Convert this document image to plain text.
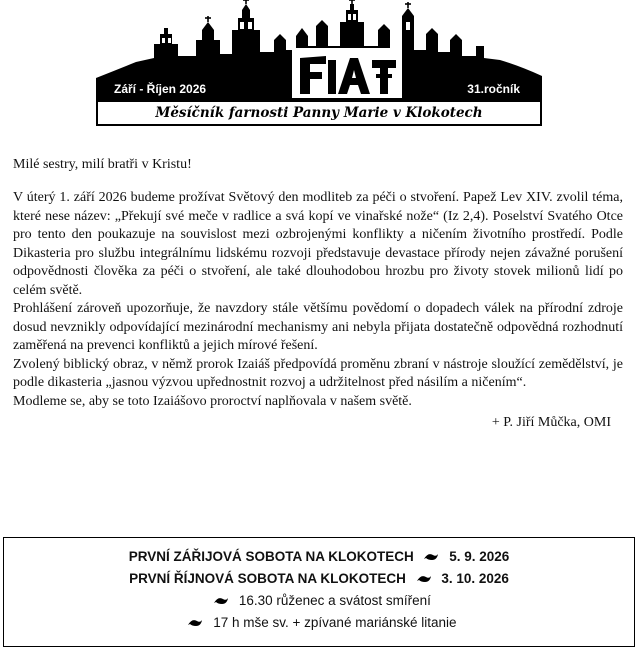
Září - Říjen 2026	31.ročník
FIAT
Měsíčník farnosti Panny Marie v Klokotech

Milé sestry, milí bratři v Kristu!

V úterý 1. září 2026 budeme prožívat Světový den modliteb za péči o stvoření. Papež Lev XIV. zvolil téma, které nese název: „Překují své meče v radlice a svá kopí ve vinařské nože“ (Iz 2,4). Poselství Svatého Otce pro tento den poukazuje na souvislost mezi ozbrojenými konflikty a ničením životního prostředí. Podle Dikasteria pro službu integrálnímu lidskému rozvoji představuje devastace přírody nejen závažné porušení odpovědnosti člověka za péči o stvoření, ale také dlouhodobou hrozbu pro životy stovek milionů lidí po celém světě.

Prohlášení zároveň upozorňuje, že navzdory stále většímu povědomí o dopadech válek na přírodní zdroje dosud nevznikly odpovídající mezinárodní mechanismy ani nebyla přijata dostatečně odpovědná rozhodnutí zaměřená na prevenci konfliktů a jejich mírové řešení.

Zvolený biblický obraz, v němž prorok Izaiáš předpovídá proměnu zbraní v nástroje sloužící zemědělství, je podle dikasteria „jasnou výzvou upřednostnit rozvoj a udržitelnost před násilím a ničením“.

Modleme se, aby se toto Izaiášovo proroctví naplňovala v našem světě.

+ P. Jiří Můčka, OMI
PRVNÍ ZÁŘIJOVÁ SOBOTA NA KLOKOTECH	5. 9. 2026
PRVNÍ ŘÍJNOVÁ SOBOTA NA KLOKOTECH	3. 10. 2026
16.30 růženec a svátost smíření
17 h mše sv. + zpívané mariánské litanie
